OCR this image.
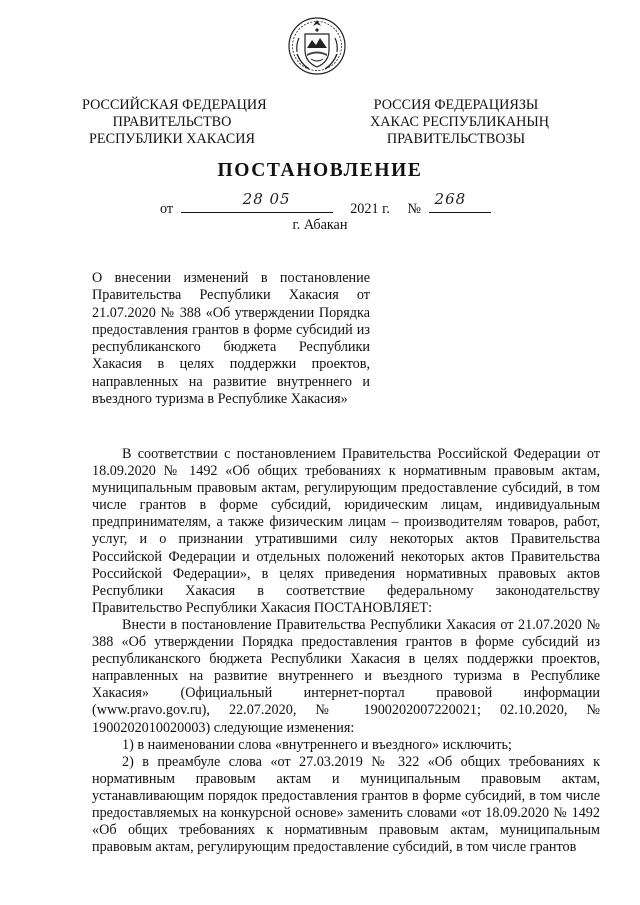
РОССИЙСКАЯ ФЕДЕРАЦИЯ
ПРАВИТЕЛЬСТВО
РЕСПУБЛИКИ ХАКАСИЯ
РОССИЯ ФЕДЕРАЦИЯЗЫ
ХАКАС РЕСПУБЛИКАНЫҢ
ПРАВИТЕЛЬСТВОЗЫ
ПОСТАНОВЛЕНИЕ
от
28 05
2021 г. №
268
г. Абакан
О внесении изменений в постановление Правительства Республики Хакасия от 21.07.2020 № 388 «Об утверждении Порядка предоставления грантов в форме субсидий из республиканского бюджета Республики Хакасия в целях поддержки проектов, направленных на развитие внутреннего и въездного туризма в Республике Хакасия»

В соответствии с постановлением Правительства Российской Федерации от 18.09.2020 № 1492 «Об общих требованиях к нормативным правовым актам, муниципальным правовым актам, регулирующим предоставление субсидий, в том числе грантов в форме субсидий, юридическим лицам, индивидуальным предпринимателям, а также физическим лицам – производителям товаров, работ, услуг, и о признании утратившими силу некоторых актов Правительства Российской Федерации и отдельных положений некоторых актов Правительства Российской Федерации», в целях приведения нормативных правовых актов Республики Хакасия в соответствие федеральному законодательству Правительство Республики Хакасия ПОСТАНОВЛЯЕТ:

Внести в постановление Правительства Республики Хакасия от 21.07.2020 № 388 «Об утверждении Порядка предоставления грантов в форме субсидий из республиканского бюджета Республики Хакасия в целях поддержки проектов, направленных на развитие внутреннего и въездного туризма в Республике Хакасия» (Официальный интернет-портал правовой информации (www.pravo.gov.ru), 22.07.2020, № 1900202007220021; 02.10.2020, № 1900202010020003) следующие изменения:

1) в наименовании слова «внутреннего и въездного» исключить;

2) в преамбуле слова «от 27.03.2019 № 322 «Об общих требованиях к нормативным правовым актам и муниципальным правовым актам, устанавливающим порядок предоставления грантов в форме субсидий, в том числе предоставляемых на конкурсной основе» заменить словами «от 18.09.2020 № 1492 «Об общих требованиях к нормативным правовым актам, муниципальным правовым актам, регулирующим предоставление субсидий, в том числе грантов
